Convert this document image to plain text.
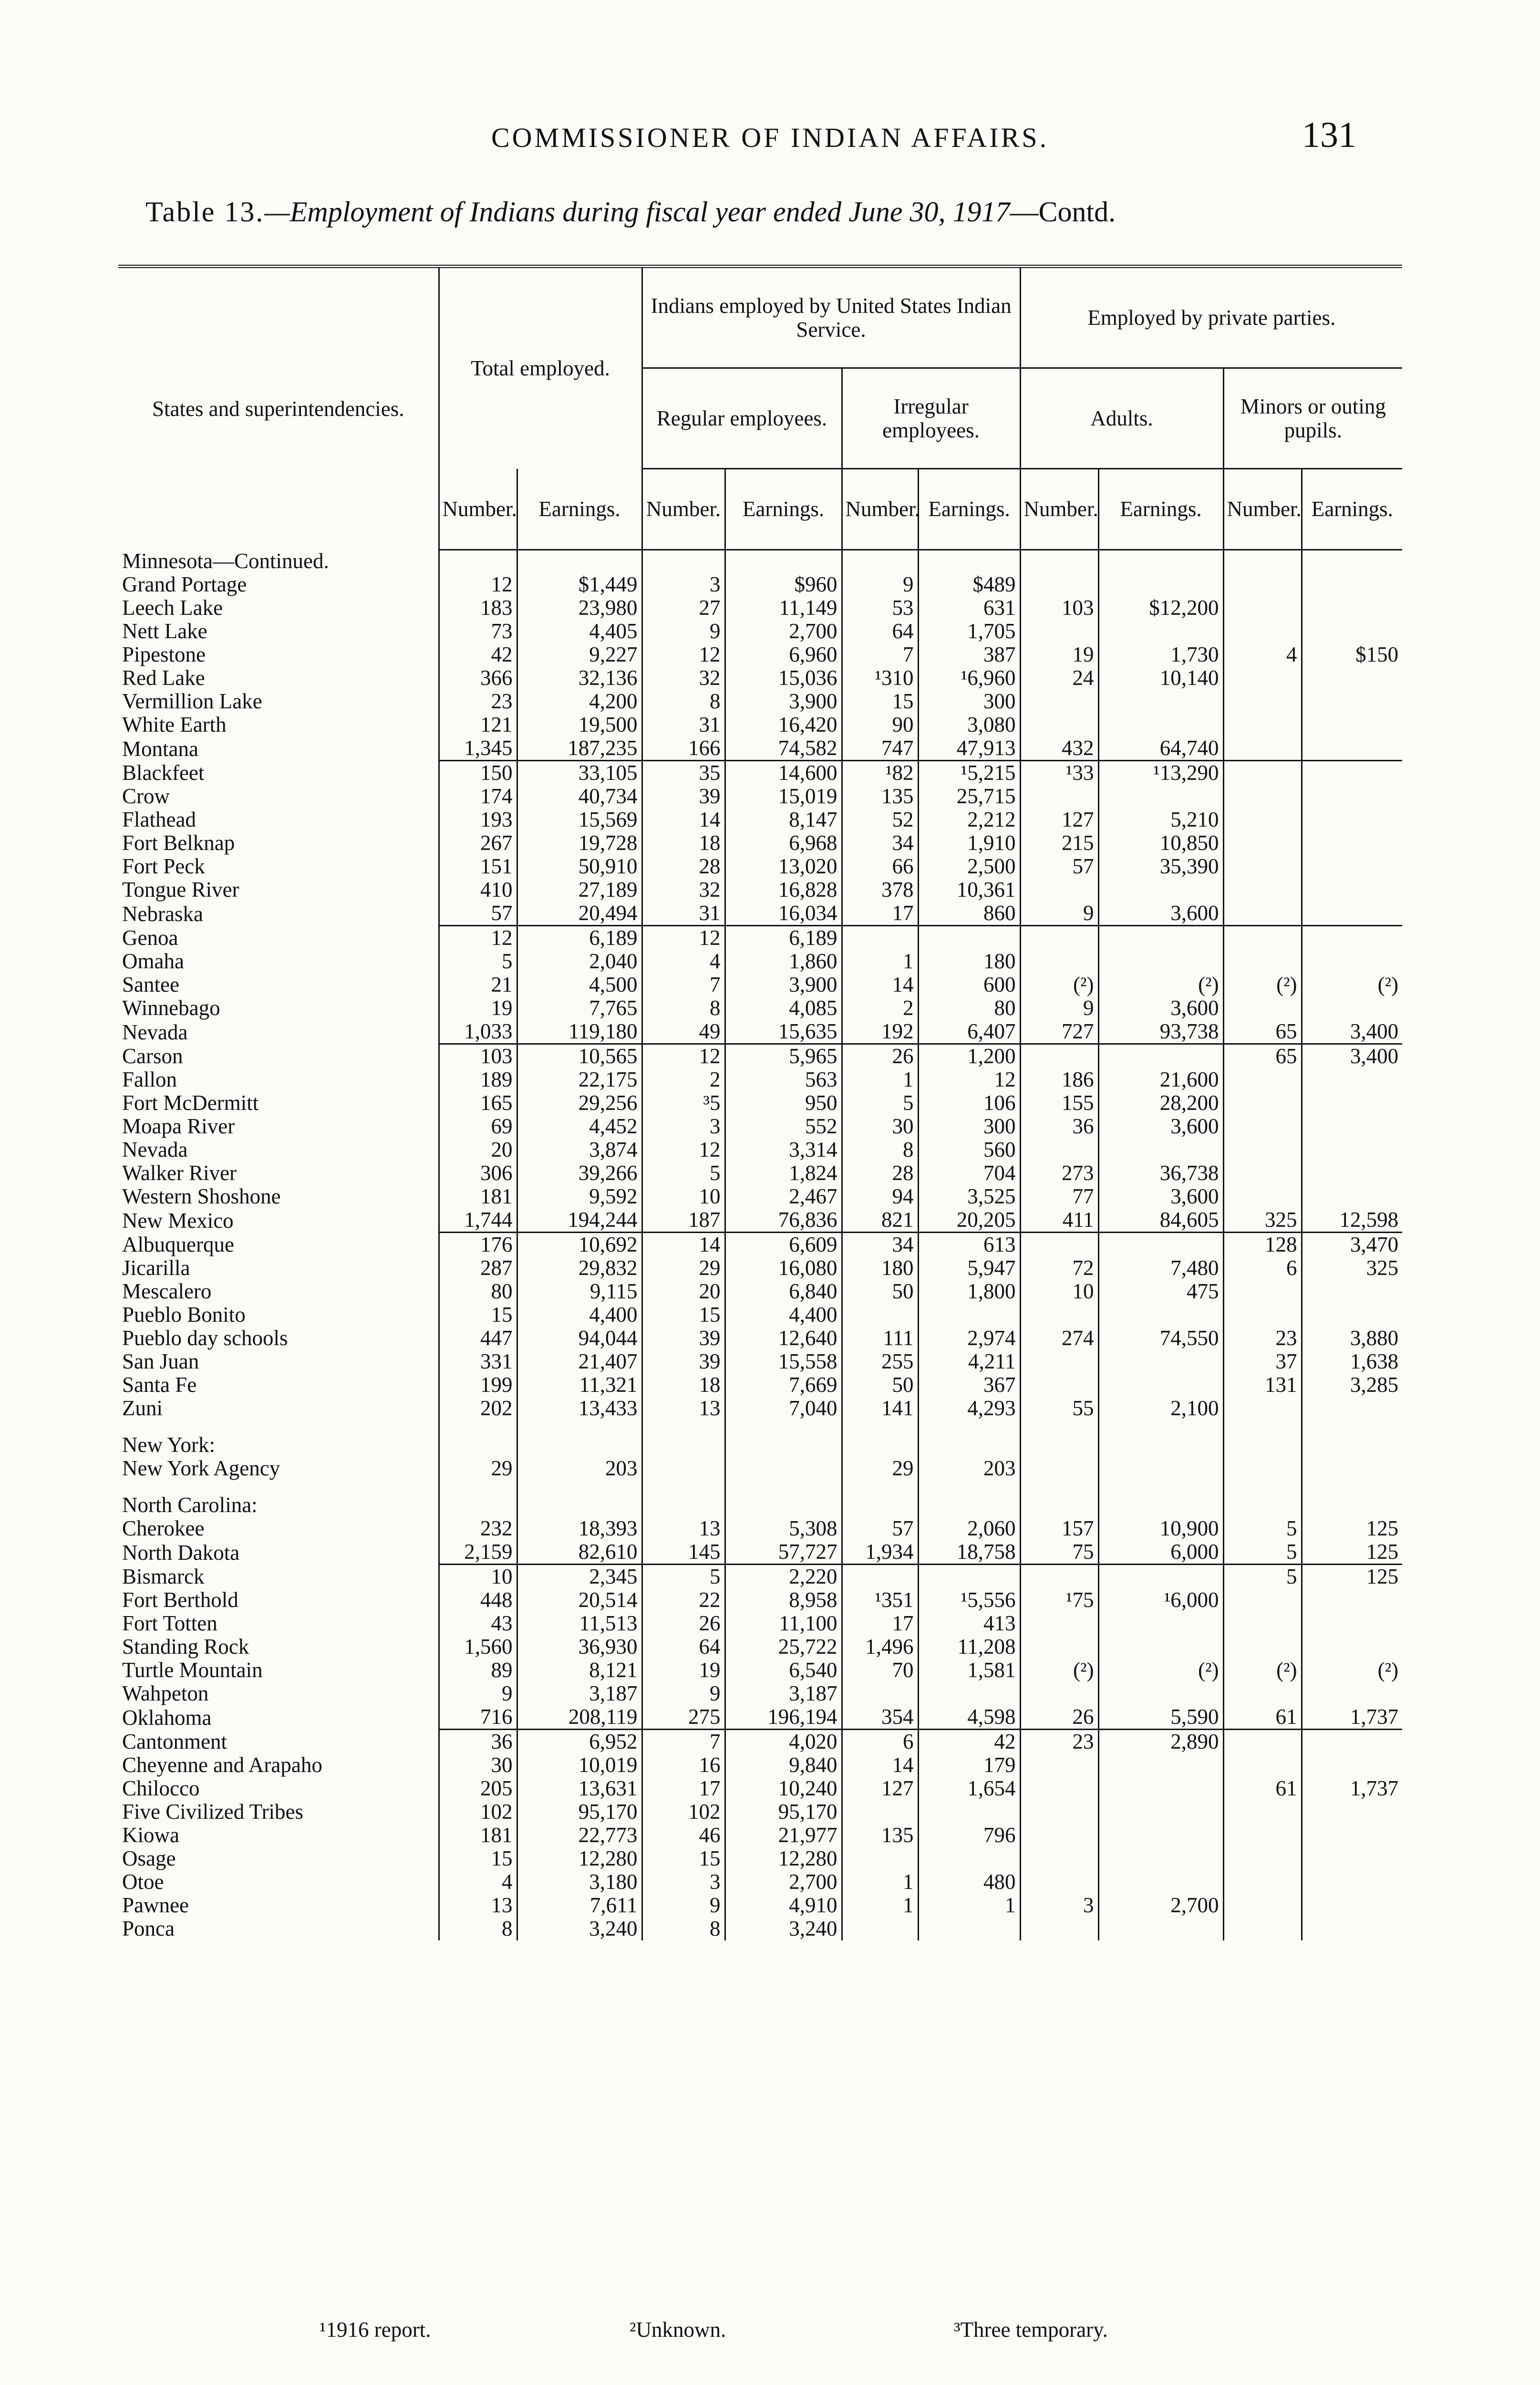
COMMISSIONER OF INDIAN AFFAIRS.	131
Table 13.—Employment of Indians during fiscal year ended June 30, 1917—Contd.
States and superintendencies.	Total employed.		Indians employed by United States Indian Service.				Employed by private parties.			
			Regular employees.		Irregular employees.		Adults.		Minors or outing pupils.	
	Number.	Earnings.	Number.	Earnings.	Number.	Earnings.	Number.	Earnings.	Number.	Earnings.
Minnesota—Continued.										
Grand Portage	12	$1,449	3	$960	9	$489				
Leech Lake	183	23,980	27	11,149	53	631	103	$12,200		
Nett Lake	73	4,405	9	2,700	64	1,705				
Pipestone	42	9,227	12	6,960	7	387	19	1,730	4	$150
Red Lake	366	32,136	32	15,036	¹310	¹6,960	24	10,140		
Vermillion Lake	23	4,200	8	3,900	15	300				
White Earth	121	19,500	31	16,420	90	3,080				
Montana	1,345	187,235	166	74,582	747	47,913	432	64,740		
Blackfeet	150	33,105	35	14,600	¹82	¹5,215	¹33	¹13,290		
Crow	174	40,734	39	15,019	135	25,715				
Flathead	193	15,569	14	8,147	52	2,212	127	5,210		
Fort Belknap	267	19,728	18	6,968	34	1,910	215	10,850		
Fort Peck	151	50,910	28	13,020	66	2,500	57	35,390		
Tongue River	410	27,189	32	16,828	378	10,361				
Nebraska	57	20,494	31	16,034	17	860	9	3,600		
Genoa	12	6,189	12	6,189						
Omaha	5	2,040	4	1,860	1	180				
Santee	21	4,500	7	3,900	14	600	(²)	(²)	(²)	(²)
Winnebago	19	7,765	8	4,085	2	80	9	3,600		
Nevada	1,033	119,180	49	15,635	192	6,407	727	93,738	65	3,400
Carson	103	10,565	12	5,965	26	1,200			65	3,400
Fallon	189	22,175	2	563	1	12	186	21,600		
Fort McDermitt	165	29,256	³5	950	5	106	155	28,200		
Moapa River	69	4,452	3	552	30	300	36	3,600		
Nevada	20	3,874	12	3,314	8	560				
Walker River	306	39,266	5	1,824	28	704	273	36,738		
Western Shoshone	181	9,592	10	2,467	94	3,525	77	3,600		
New Mexico	1,744	194,244	187	76,836	821	20,205	411	84,605	325	12,598
Albuquerque	176	10,692	14	6,609	34	613			128	3,470
Jicarilla	287	29,832	29	16,080	180	5,947	72	7,480	6	325
Mescalero	80	9,115	20	6,840	50	1,800	10	475		
Pueblo Bonito	15	4,400	15	4,400						
Pueblo day schools	447	94,044	39	12,640	111	2,974	274	74,550	23	3,880
San Juan	331	21,407	39	15,558	255	4,211			37	1,638
Santa Fe	199	11,321	18	7,669	50	367			131	3,285
Zuni	202	13,433	13	7,040	141	4,293	55	2,100		
New York:										
New York Agency	29	203			29	203				
North Carolina:										
Cherokee	232	18,393	13	5,308	57	2,060	157	10,900	5	125
North Dakota	2,159	82,610	145	57,727	1,934	18,758	75	6,000	5	125
Bismarck	10	2,345	5	2,220					5	125
Fort Berthold	448	20,514	22	8,958	¹351	¹5,556	¹75	¹6,000		
Fort Totten	43	11,513	26	11,100	17	413				
Standing Rock	1,560	36,930	64	25,722	1,496	11,208				
Turtle Mountain	89	8,121	19	6,540	70	1,581	(²)	(²)	(²)	(²)
Wahpeton	9	3,187	9	3,187						
Oklahoma	716	208,119	275	196,194	354	4,598	26	5,590	61	1,737
Cantonment	36	6,952	7	4,020	6	42	23	2,890		
Cheyenne and Arapaho	30	10,019	16	9,840	14	179				
Chilocco	205	13,631	17	10,240	127	1,654			61	1,737
Five Civilized Tribes	102	95,170	102	95,170						
Kiowa	181	22,773	46	21,977	135	796				
Osage	15	12,280	15	12,280						
Otoe	4	3,180	3	2,700	1	480				
Pawnee	13	7,611	9	4,910	1	1	3	2,700		
Ponca	8	3,240	8	3,240						
¹1916 report.	²Unknown.	³Three temporary.
